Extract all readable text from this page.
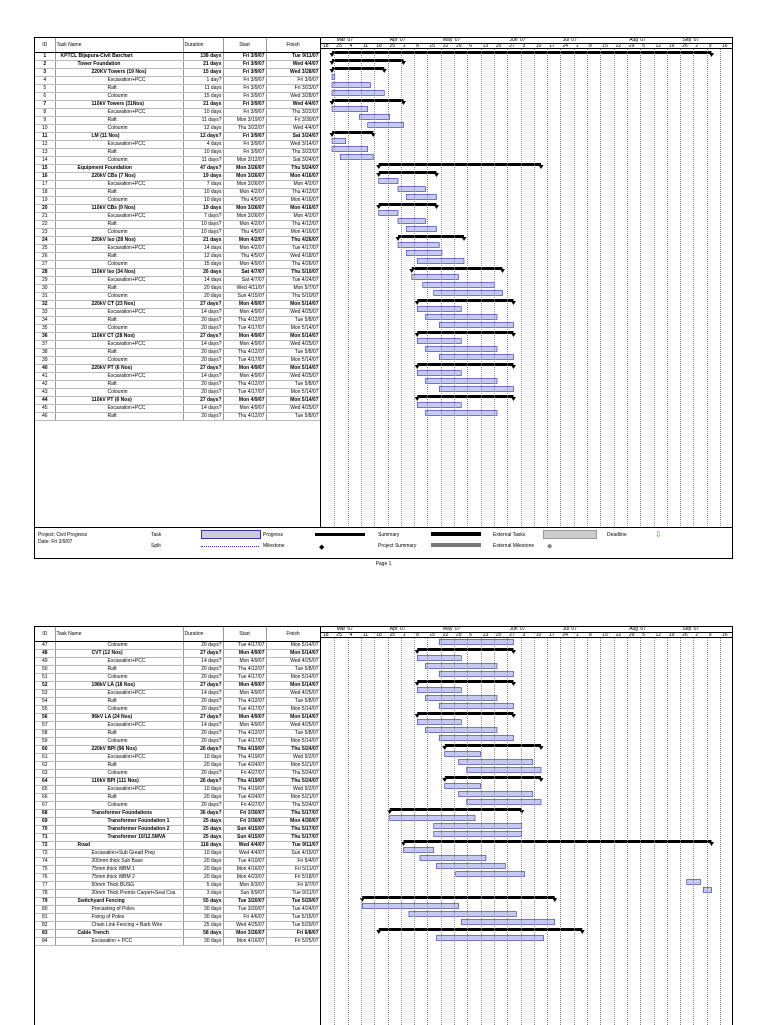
ID	Task Name	Duration	Start	Finish
1	KPTCL Bijapura-Civil Barchart	138 days	Fri 3/9/07	Tue 9/11/07
2	Tower Foundation	21 days	Fri 3/9/07	Wed 4/4/07
3	220KV Towers (19 Nos)	15 days	Fri 3/9/07	Wed 3/28/07
4	Excavation+PCC	1 day?	Fri 3/9/07	Fri 3/9/07
5	Raft	11 days	Fri 3/9/07	Fri 3/23/07
6	Coloumn	15 days	Fri 3/9/07	Wed 3/28/07
7	110kV Towers (31Nos)	21 days	Fri 3/9/07	Wed 4/4/07
8	Excavation+PCC	10 days	Fri 3/9/07	Thu 3/22/07
9	Raft	11 days?	Mon 3/19/07	Fri 3/30/07
10	Coloumn	12 days	Thu 3/22/07	Wed 4/4/07
11	LM (11 Nos)	12 days?	Fri 3/9/07	Sat 3/24/07
12	Excavation+PCC	4 days	Fri 3/9/07	Wed 3/14/07
13	Raft	10 days	Fri 3/9/07	Thu 3/22/07
14	Coloumn	11 days?	Mon 3/12/07	Sat 3/24/07
15	Equipment Foundation	47 days?	Mon 3/26/07	Thu 5/24/07
16	220kV CBs (7 Nos)	19 days	Mon 3/26/07	Mon 4/16/07
17	Excavation+PCC	7 days	Mon 3/26/07	Mon 4/2/07
18	Raft	10 days	Mon 4/2/07	Thu 4/12/07
19	Coloumn	10 days	Thu 4/5/07	Mon 4/16/07
20	110kV CBs (9 Nos)	19 days	Mon 3/26/07	Mon 4/16/07
21	Excavation+PCC	7 days?	Mon 3/26/07	Mon 4/2/07
22	Raft	10 days?	Mon 4/2/07	Thu 4/12/07
23	Coloumn	10 days?	Thu 4/5/07	Mon 4/16/07
24	220kV Iso (28 Nos)	21 days	Mon 4/2/07	Thu 4/26/07
25	Excavation+PCC	14 days	Mon 4/2/07	Tue 4/17/07
26	Raft	12 days	Thu 4/5/07	Wed 4/18/07
27	Coloumn	15 days	Mon 4/9/07	Thu 4/26/07
28	110kV Iso (34 Nos)	26 days	Sat 4/7/07	Thu 5/10/07
29	Excavation+PCC	14 days	Sat 4/7/07	Tue 4/24/07
30	Raft	20 days	Wed 4/11/07	Mon 5/7/07
31	Coloumn	20 days	Sun 4/15/07	Thu 5/10/07
32	220kV CT (23 Nos)	27 days?	Mon 4/9/07	Mon 5/14/07
33	Excavation+PCC	14 days?	Mon 4/9/07	Wed 4/25/07
34	Raft	20 days?	Thu 4/12/07	Tue 5/8/07
35	Coloumn	20 days?	Tue 4/17/07	Mon 5/14/07
36	110kV CT (28 Nos)	27 days?	Mon 4/9/07	Mon 5/14/07
37	Excavation+PCC	14 days?	Mon 4/9/07	Wed 4/25/07
38	Raft	20 days?	Thu 4/12/07	Tue 5/8/07
39	Coloumn	20 days?	Tue 4/17/07	Mon 5/14/07
40	220kV PT (6 Nos)	27 days?	Mon 4/9/07	Mon 5/14/07
41	Excavation+PCC	14 days?	Mon 4/9/07	Wed 4/25/07
42	Raft	20 days?	Thu 4/12/07	Tue 5/8/07
43	Coloumn	20 days?	Tue 4/17/07	Mon 5/14/07
44	110kV PT (6 Nos)	27 days?	Mon 4/9/07	Mon 5/14/07
45	Excavation+PCC	14 days?	Mon 4/9/07	Wed 4/25/07
46	Raft	20 days?	Thu 4/12/07	Tue 5/8/07
Mar '07	Apr '07	May '07	Jun '07	Jul '07	Aug '07	Sep '07
18 25 4 11 18 25 1 8 15 22 29 6 13 20 27 3 10 17 24 1 8 15 22 29 5 12 19 26 2 9 16
Project: Civil Progress
Date: Fri 3/9/07
Task
Split
Progress
Milestone	◆
Summary
Project Summary
External Tasks
External Milestone ◆
Deadline	⇩
Page 1
ID	Task Name	Duration	Start	Finish
47	Coloumn	20 days?	Tue 4/17/07	Mon 5/14/07
48	CVT (12 Nos)	27 days?	Mon 4/9/07	Mon 5/14/07
49	Excavation+PCC	14 days?	Mon 4/9/07	Wed 4/25/07
50	Raft	20 days?	Thu 4/12/07	Tue 5/8/07
51	Coloumn	20 days?	Tue 4/17/07	Mon 5/14/07
52	198kV LA (18 Nos)	27 days?	Mon 4/9/07	Mon 5/14/07
53	Excavation+PCC	14 days?	Mon 4/9/07	Wed 4/25/07
54	Raft	20 days?	Thu 4/12/07	Tue 5/8/07
55	Coloumn	20 days?	Tue 4/17/07	Mon 5/14/07
56	96kV LA (24 Nos)	27 days?	Mon 4/9/07	Mon 5/14/07
57	Excavation+PCC	14 days?	Mon 4/9/07	Wed 4/25/07
58	Raft	20 days?	Thu 4/12/07	Tue 5/8/07
59	Coloumn	20 days?	Tue 4/17/07	Mon 5/14/07
60	220kV BPI (96 Nos)	26 days?	Thu 4/19/07	Thu 5/24/07
61	Excavation+PCC	10 days	Thu 4/19/07	Wed 5/2/07
62	Raft	20 days	Tue 4/24/07	Mon 5/21/07
63	Coloumn	20 days?	Fri 4/27/07	Thu 5/24/07
64	110kV BPI (111 Nos)	26 days?	Thu 4/19/07	Thu 5/24/07
65	Excavation+PCC	10 days	Thu 4/19/07	Wed 5/2/07
66	Raft	20 days	Tue 4/24/07	Mon 5/21/07
67	Coloumn	20 days?	Fri 4/27/07	Thu 5/24/07
68	Transformer Foundations	36 days?	Fri 3/30/07	Thu 5/17/07
69	Transformer Foundation 1	25 days	Fri 3/30/07	Mon 4/30/07
70	Transformer Foundation 2	25 days	Sun 4/15/07	Thu 5/17/07
71	Transformer 10/12.5MVA	25 days	Sun 4/15/07	Thu 5/17/07
72	Road	118 days	Wed 4/4/07	Tue 9/11/07
73	Excavation+Sub Gread Prep	10 days	Wed 4/4/07	Sun 4/15/07
74	200mm thick Sub Base	20 days	Tue 4/10/07	Fri 5/4/07
75	75mm thick WBM 1	20 days	Mon 4/16/07	Fri 5/11/07
76	75mm thick WBM 2	20 days	Mon 4/23/07	Fri 5/18/07
77	50mm Thick BUSG	5 days	Mon 9/3/07	Fri 9/7/07
78	20mm Thick Premix Carpet+Seal Coa	3 days	Sun 9/9/07	Tue 9/11/07
79	Switchyard Fencing	55 days	Tue 3/20/07	Tue 5/29/07
80	Precasting of Poles	30 days	Tue 3/20/07	Tue 4/24/07
81	Fixing of Poles	30 days	Fri 4/6/07	Tue 5/15/07
82	Chain Link Fencing + Barb Wire	25 days	Wed 4/25/07	Tue 5/29/07
83	Cable Trench	58 days	Mon 3/26/07	Fri 6/8/07
84	Excavation + PCC	30 days	Mon 4/16/07	Fri 5/25/07
Mar '07	Apr '07	May '07	Jun '07	Jul '07	Aug '07	Sep '07
18 25 4 11 18 25 1 8 15 22 29 6 13 20 27 3 10 17 24 1 8 15 22 29 5 12 19 26 2 9 16
